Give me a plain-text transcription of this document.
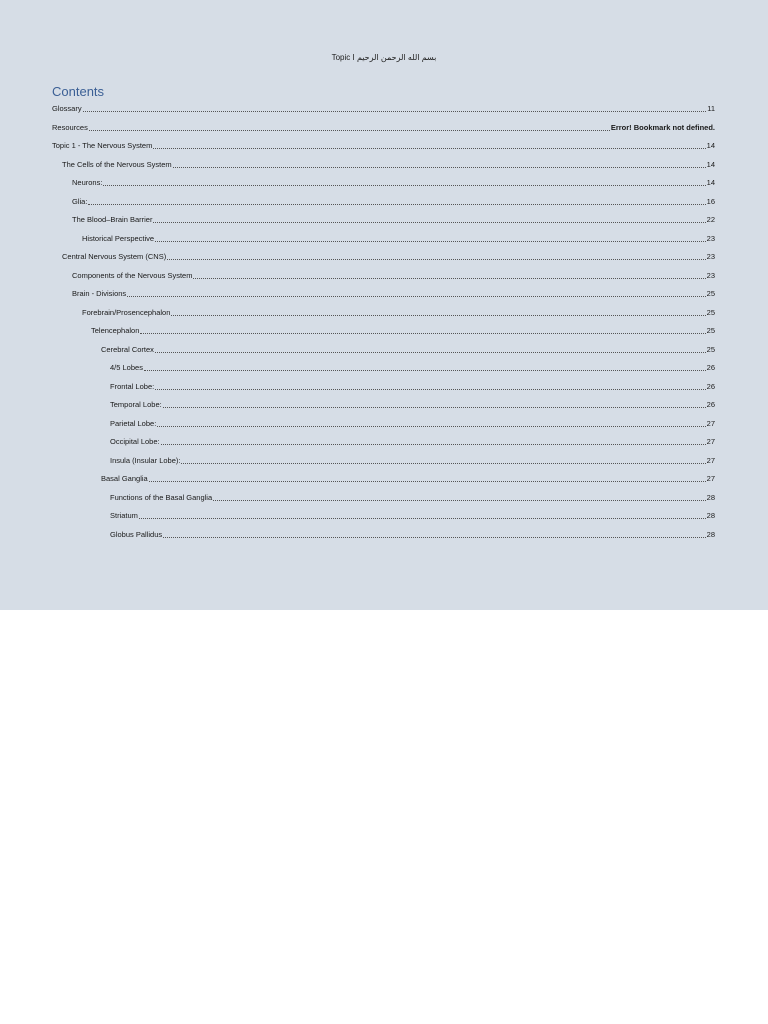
بسم الله الرحمن الرحيم Topic I
Contents
Glossary	11
Resources	Error! Bookmark not defined.
Topic 1 - The Nervous System	14
The Cells of the Nervous System	14
Neurons:	14
Glia:	16
The Blood–Brain Barrier	22
Historical Perspective	23
Central Nervous System (CNS)	23
Components of the Nervous System	23
Brain - Divisions	25
Forebrain/Prosencephalon	25
Telencephalon	25
Cerebral Cortex	25
4/5 Lobes	26
Frontal Lobe:	26
Temporal Lobe:	26
Parietal Lobe:	27
Occipital Lobe:	27
Insula (Insular Lobe):	27
Basal Ganglia	27
Functions of the Basal Ganglia	28
Striatum	28
Globus Pallidus	28
